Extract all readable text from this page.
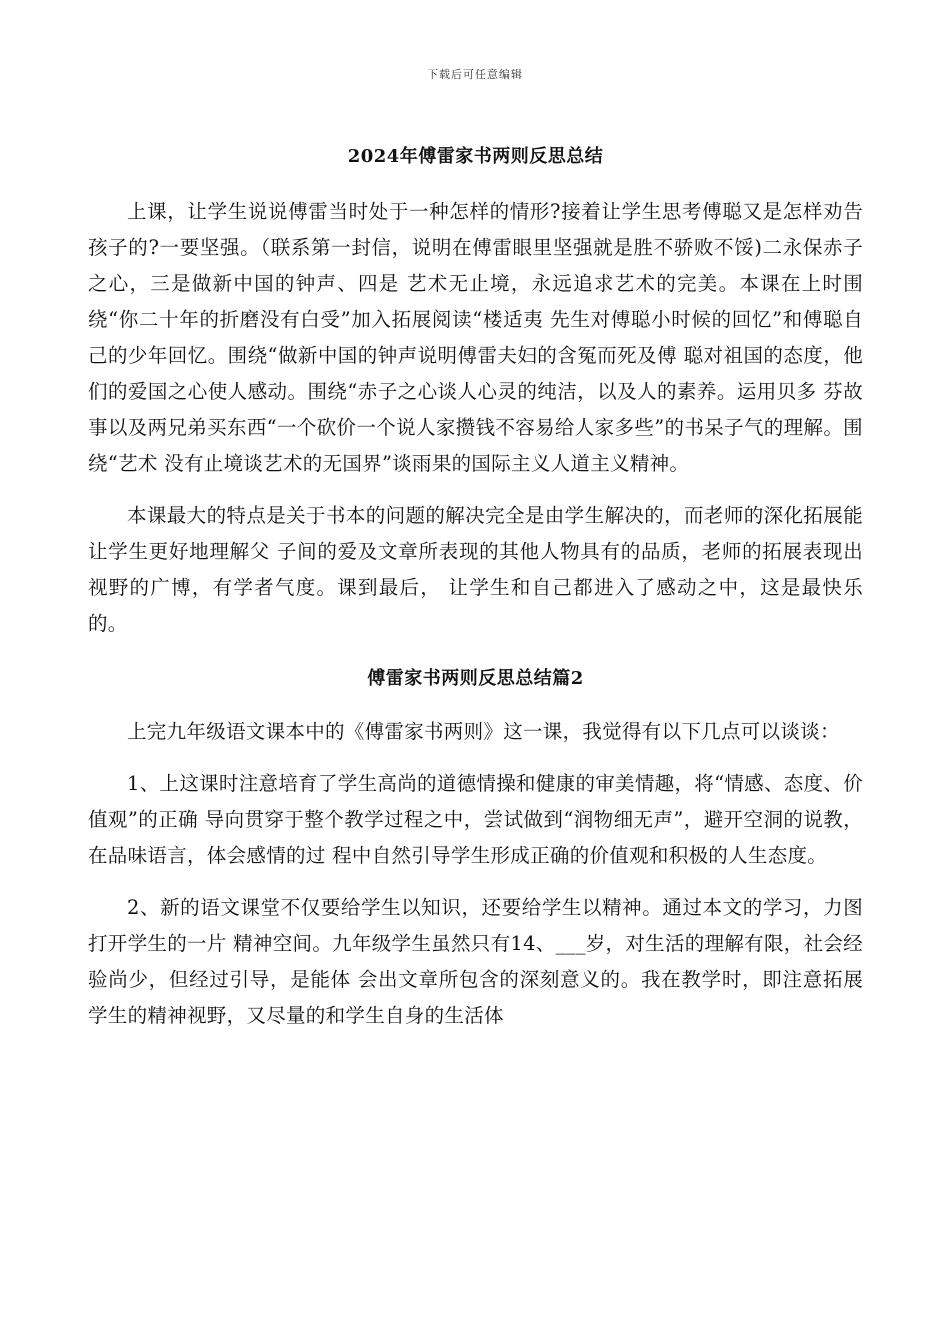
下载后可任意编辑
2024年傅雷家书两则反思总结

上课，让学生说说傅雷当时处于一种怎样的情形?接着让学生思考傅聪又是怎样劝告孩子的?一要坚强。（联系第一封信，说明在傅雷眼里坚强就是胜不骄败不馁)二永保赤子之心，三是做新中国的钟声、四是 艺术无止境，永远追求艺术的完美。本课在上时围绕“你二十年的折磨没有白受”加入拓展阅读“楼适夷 先生对傅聪小时候的回忆”和傅聪自己的少年回忆。围绕“做新中国的钟声说明傅雷夫妇的含冤而死及傅 聪对祖国的态度，他们的爱国之心使人感动。围绕“赤子之心谈人心灵的纯洁，以及人的素养。运用贝多 芬故事以及两兄弟买东西“一个砍价一个说人家攒钱不容易给人家多些”的书呆子气的理解。围绕“艺术 没有止境谈艺术的无国界”谈雨果的国际主义人道主义精神。

本课最大的特点是关于书本的问题的解决完全是由学生解决的，而老师的深化拓展能让学生更好地理解父 子间的爱及文章所表现的其他人物具有的品质，老师的拓展表现出视野的广博，有学者气度。课到最后， 让学生和自己都进入了感动之中，这是最快乐的。

傅雷家书两则反思总结篇2

上完九年级语文课本中的《傅雷家书两则》这一课，我觉得有以下几点可以谈谈：

1、上这课时注意培育了学生高尚的道德情操和健康的审美情趣，将“情感、态度、价值观”的正确 导向贯穿于整个教学过程之中，尝试做到“润物细无声”，避开空洞的说教，在品味语言，体会感情的过 程中自然引导学生形成正确的价值观和积极的人生态度。

2、新的语文课堂不仅要给学生以知识，还要给学生以精神。通过本文的学习，力图打开学生的一片 精神空间。九年级学生虽然只有14、___岁，对生活的理解有限，社会经验尚少，但经过引导，是能体 会出文章所包含的深刻意义的。我在教学时，即注意拓展学生的精神视野，又尽量的和学生自身的生活体
